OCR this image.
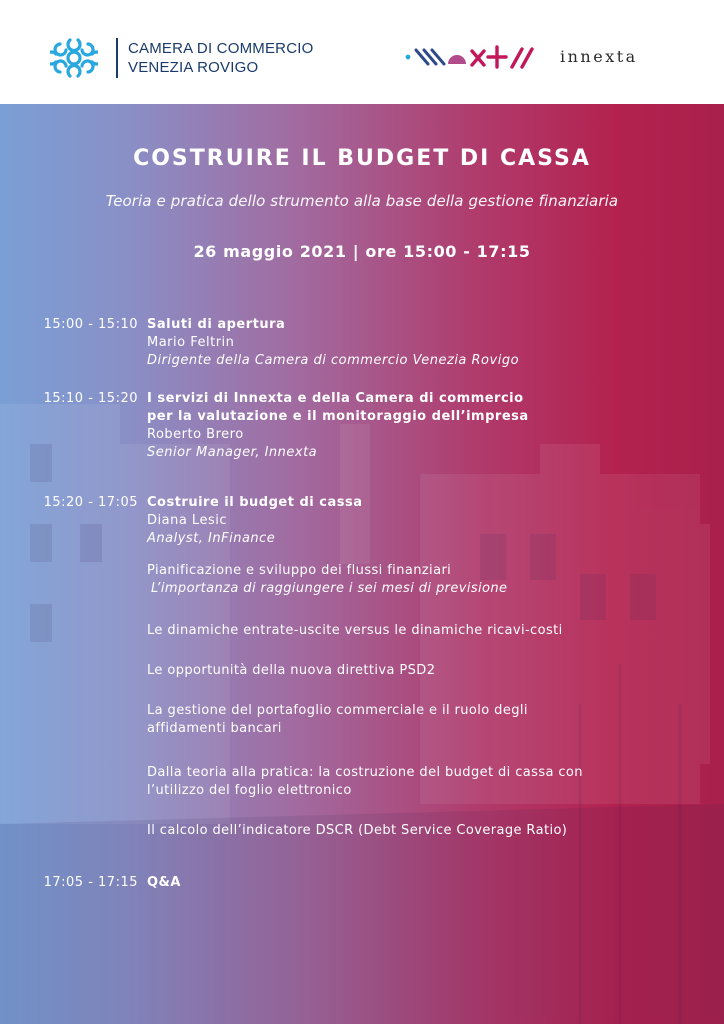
CAMERA DI COMMERCIO
VENEZIA ROVIGO
innexta
COSTRUIRE IL BUDGET DI CASSA
Teoria e pratica dello strumento alla base della gestione finanziaria
26 maggio 2021 | ore 15:00 - 17:15
15:00 - 15:10 Saluti di apertura
Mario Feltrin
Dirigente della Camera di commercio Venezia Rovigo
15:10 - 15:20 I servizi di Innexta e della Camera di commercio
per la valutazione e il monitoraggio dell’impresa
Roberto Brero
Senior Manager, Innexta
15:20 - 17:05 Costruire il budget di cassa
Diana Lesic
Analyst, InFinance
Pianificazione e sviluppo dei flussi finanziari
L’importanza di raggiungere i sei mesi di previsione
Le dinamiche entrate-uscite versus le dinamiche ricavi-costi
Le opportunità della nuova direttiva PSD2
La gestione del portafoglio commerciale e il ruolo degli
affidamenti bancari
Dalla teoria alla pratica: la costruzione del budget di cassa con
l’utilizzo del foglio elettronico
Il calcolo dell’indicatore DSCR (Debt Service Coverage Ratio)
17:05 - 17:15 Q&A
